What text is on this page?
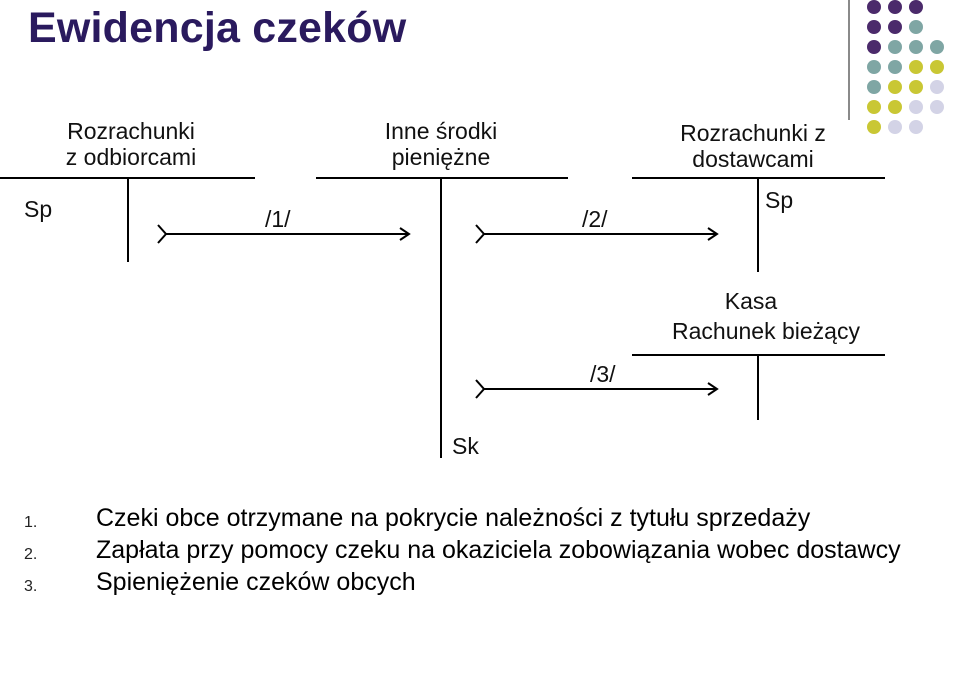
Ewidencja czeków
Rozrachunki
z odbiorcami
Inne środki
pieniężne
Rozrachunki z
dostawcami
Kasa
Rachunek bieżący
Sp	Sp
Sk
/1/	/2/
/3/
1. Czeki obce otrzymane na pokrycie należności z tytułu sprzedaży
2. Zapłata przy pomocy czeku na okaziciela zobowiązania wobec dostawcy
3. Spieniężenie czeków obcych
